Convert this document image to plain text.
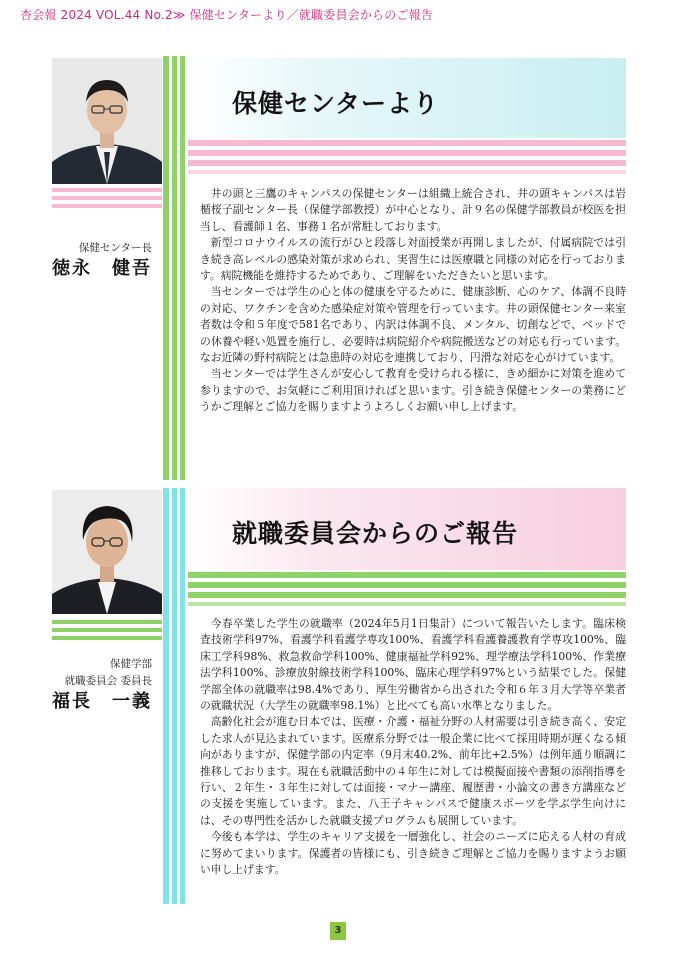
杏会報 2024 VOL.44 No.2≫ 保健センターより／就職委員会からのご報告
保健センターより
保健センター長
徳永　健吾

井の頭と三鷹のキャンパスの保健センターは組織上統合され、井の頭キャンパスは岩楯桜子副センター長（保健学部教授）が中心となり、計９名の保健学部教員が校医を担当し、看護師１名、事務１名が常駐しております。

新型コロナウイルスの流行がひと段落し対面授業が再開しましたが、付属病院では引き続き高レベルの感染対策が求められ、実習生には医療職と同様の対応を行っております。病院機能を維持するためであり、ご理解をいただきたいと思います。

当センターでは学生の心と体の健康を守るために、健康診断、心のケア、体調不良時の対応、ワクチンを含めた感染症対策や管理を行っています。井の頭保健センター来室者数は令和５年度で581名であり、内訳は体調不良、メンタル、切創などで、ベッドでの休養や軽い処置を施行し、必要時は病院紹介や病院搬送などの対応も行っています。なお近隣の野村病院とは急患時の対応を連携しており、円滑な対応を心がけています。

当センターでは学生さんが安心して教育を受けられる様に、きめ細かに対策を進めて参りますので、お気軽にご利用頂ければと思います。引き続き保健センターの業務にどうかご理解とご協力を賜りますようよろしくお願い申し上げます。

就職委員会からのご報告
保健学部
就職委員会 委員長
福長　一義

今春卒業した学生の就職率（2024年5月1日集計）について報告いたします。臨床検査技術学科97%、看護学科看護学専攻100%、看護学科看護養護教育学専攻100%、臨床工学科98%、救急救命学科100%、健康福祉学科92%、理学療法学科100%、作業療法学科100%、診療放射線技術学科100%、臨床心理学科97%という結果でした。保健学部全体の就職率は98.4%であり、厚生労働省から出された令和６年３月大学等卒業者の就職状況（大学生の就職率98.1%）と比べても高い水準となりました。

高齢化社会が進む日本では、医療・介護・福祉分野の人材需要は引き続き高く、安定した求人が見込まれています。医療系分野では一般企業に比べて採用時期が遅くなる傾向がありますが、保健学部の内定率（9月末40.2%、前年比+2.5%）は例年通り順調に推移しております。現在も就職活動中の４年生に対しては模擬面接や書類の添削指導を行い、２年生・３年生に対しては面接・マナー講座、履歴書・小論文の書き方講座などの支援を実施しています。また、八王子キャンパスで健康スポーツを学ぶ学生向けには、その専門性を活かした就職支援プログラムも展開しています。

今後も本学は、学生のキャリア支援を一層強化し、社会のニーズに応える人材の育成に努めてまいります。保護者の皆様にも、引き続きご理解とご協力を賜りますようお願い申し上げます。

3
